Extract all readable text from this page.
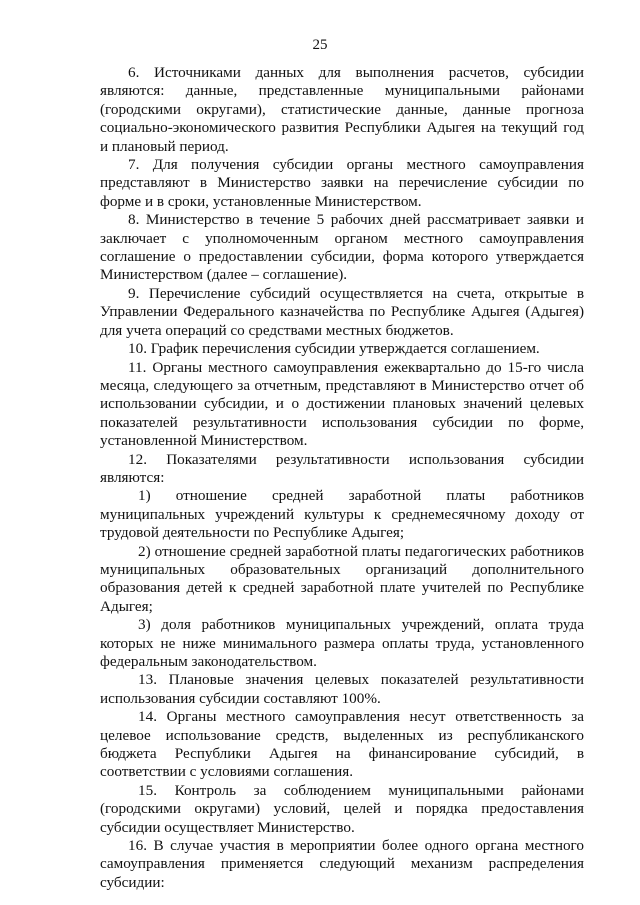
25

6. Источниками данных для выполнения расчетов, субсидии являются: данные, представленные муниципальными районами (городскими округами), статистические данные, данные прогноза социально-экономического развития Республики Адыгея на текущий год и плановый период.

7. Для получения субсидии органы местного самоуправления представляют в Министерство заявки на перечисление субсидии по форме и в сроки, установленные Министерством.

8. Министерство в течение 5 рабочих дней рассматривает заявки и заключает с уполномоченным органом местного самоуправления соглашение о предоставлении субсидии, форма которого утверждается Министерством (далее – соглашение).

9. Перечисление субсидий осуществляется на счета, открытые в Управлении Федерального казначейства по Республике Адыгея (Адыгея) для учета операций со средствами местных бюджетов.

10. График перечисления субсидии утверждается соглашением.

11. Органы местного самоуправления ежеквартально до 15-го числа месяца, следующего за отчетным, представляют в Министерство отчет об использовании субсидии, и о достижении плановых значений целевых показателей результативности использования субсидии по форме, установленной Министерством.

12. Показателями результативности использования субсидии являются:

1) отношение средней заработной платы работников муниципальных учреждений культуры к среднемесячному доходу от трудовой деятельности по Республике Адыгея;

2) отношение средней заработной платы педагогических работников муниципальных образовательных организаций дополнительного образования детей к средней заработной плате учителей по Республике Адыгея;

3) доля работников муниципальных учреждений, оплата труда которых не ниже минимального размера оплаты труда, установленного федеральным законодательством.

13. Плановые значения целевых показателей результативности использования субсидии составляют 100%.

14. Органы местного самоуправления несут ответственность за целевое использование средств, выделенных из республиканского бюджета Республики Адыгея на финансирование субсидий, в соответствии с условиями соглашения.

15. Контроль за соблюдением муниципальными районами (городскими округами) условий, целей и порядка предоставления субсидии осуществляет Министерство.

16. В случае участия в мероприятии более одного органа местного самоуправления применяется следующий механизм распределения субсидии:
